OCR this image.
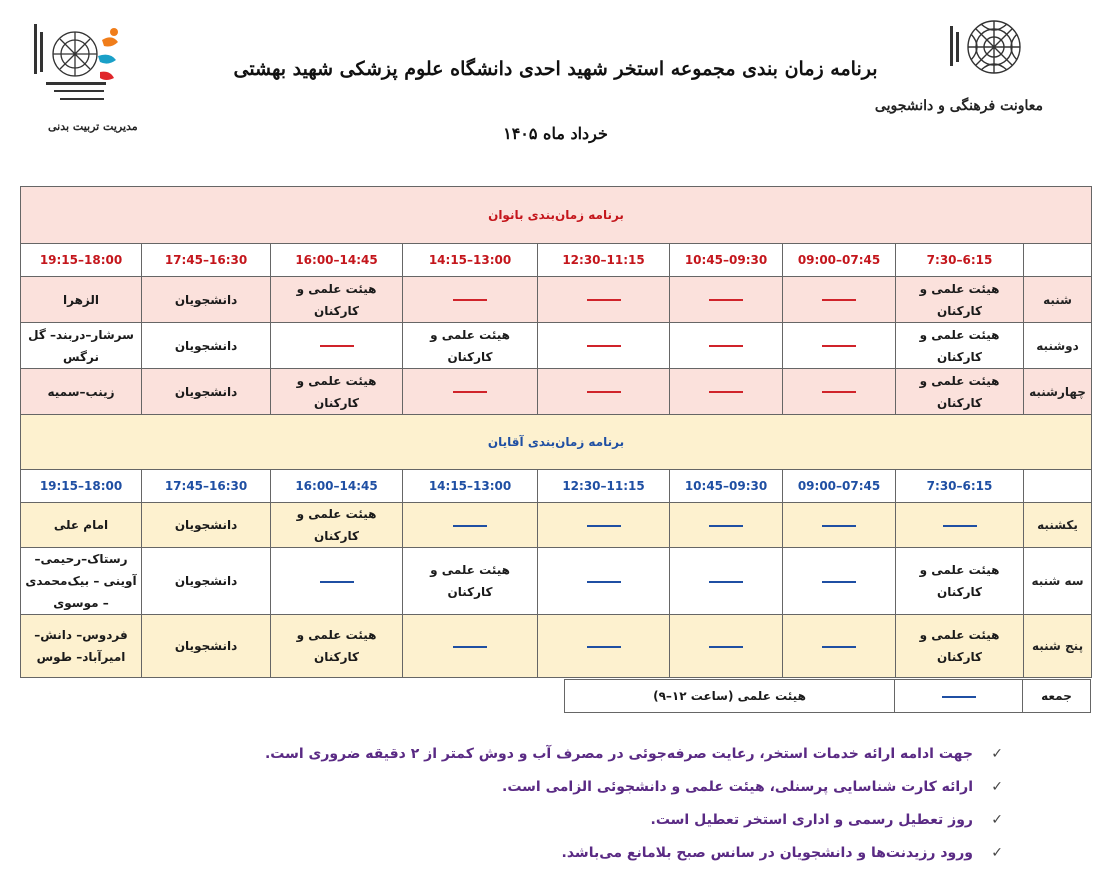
معاونت فرهنگی و دانشجویی
مدیریت تربیت بدنی
برنامه زمان بندی مجموعه استخر شهید احدی دانشگاه علوم پزشکی شهید بهشتی
خرداد ماه ۱۴۰۵
برنامه زمان‌بندی بانوان								
	6:15–7:30	07:45–09:00	09:30–10:45	11:15–12:30	13:00–14:15	14:45–16:00	16:30–17:45	18:00–19:15
شنبه	هیئت علمی و کارکنان					هیئت علمی و کارکنان	دانشجویان	الزهرا
دوشنبه	هیئت علمی و کارکنان				هیئت علمی و کارکنان		دانشجویان	سرشار–دربند– گل نرگس
چهارشنبه	هیئت علمی و کارکنان					هیئت علمی و کارکنان	دانشجویان	زینب–سمیه
برنامه زمان‌بندی آقایان								
	6:15–7:30	07:45–09:00	09:30–10:45	11:15–12:30	13:00–14:15	14:45–16:00	16:30–17:45	18:00–19:15
یکشنبه						هیئت علمی و کارکنان	دانشجویان	امام علی
سه شنبه	هیئت علمی و کارکنان				هیئت علمی و کارکنان		دانشجویان	رستاک–رحیمی– آوینی – بیک‌محمدی – موسوی
پنج شنبه	هیئت علمی و کارکنان					هیئت علمی و کارکنان	دانشجویان	فردوس– دانش– امیرآباد– طوس
جمعه		هیئت علمی (ساعت ۱۲–۹)
✓جهت ادامه ارائه خدمات استخر، رعایت صرفه‌جوئی در مصرف آب و دوش کمتر از ۲ دقیقه ضروری است.
✓ارائه کارت شناسایی پرسنلی، هیئت علمی و دانشجوئی الزامی است.
✓روز تعطیل رسمی و اداری استخر تعطیل است.
✓ورود رزیدنت‌ها و دانشجویان در سانس صبح بلامانع می‌باشد.
